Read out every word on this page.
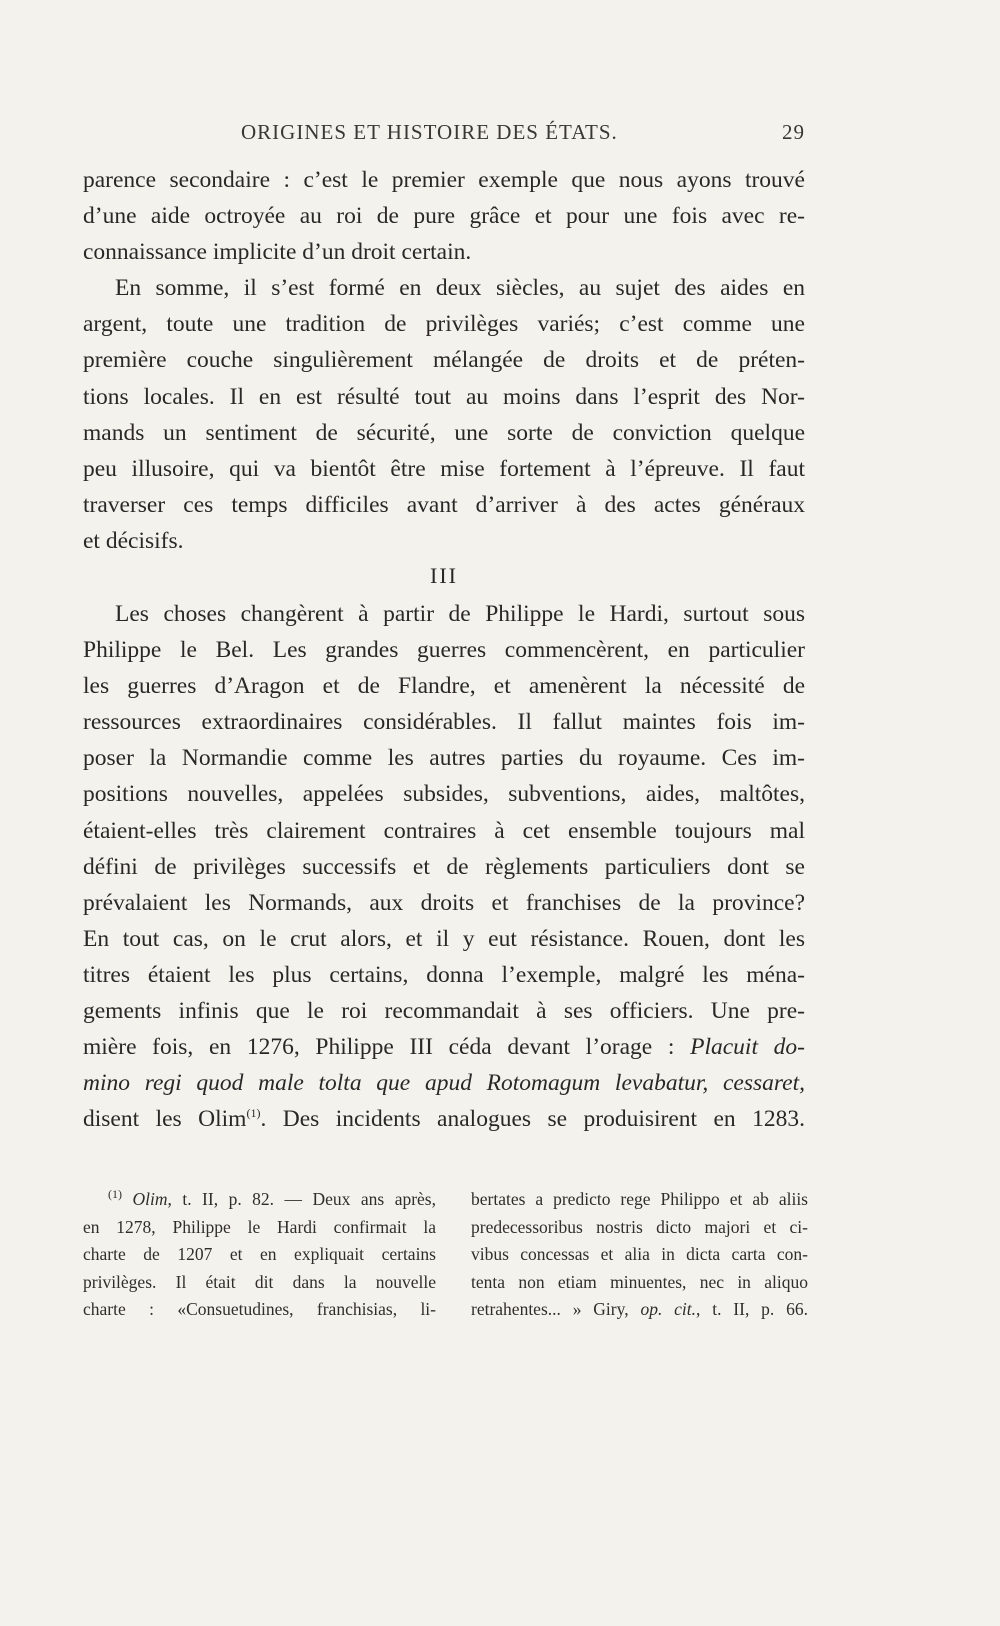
ORIGINES ET HISTOIRE DES ÉTATS.	29
parence secondaire : c’est le premier exemple que nous ayons trouvé
d’une aide octroyée au roi de pure grâce et pour une fois avec re-
connaissance implicite d’un droit certain.
En somme, il s’est formé en deux siècles, au sujet des aides en
argent, toute une tradition de privilèges variés; c’est comme une
première couche singulièrement mélangée de droits et de préten-
tions locales. Il en est résulté tout au moins dans l’esprit des Nor-
mands un sentiment de sécurité, une sorte de conviction quelque
peu illusoire, qui va bientôt être mise fortement à l’épreuve. Il faut
traverser ces temps difficiles avant d’arriver à des actes généraux
et décisifs.
III
Les choses changèrent à partir de Philippe le Hardi, surtout sous
Philippe le Bel. Les grandes guerres commencèrent, en particulier
les guerres d’Aragon et de Flandre, et amenèrent la nécessité de
ressources extraordinaires considérables. Il fallut maintes fois im-
poser la Normandie comme les autres parties du royaume. Ces im-
positions nouvelles, appelées subsides, subventions, aides, maltôtes,
étaient-elles très clairement contraires à cet ensemble toujours mal
défini de privilèges successifs et de règlements particuliers dont se
prévalaient les Normands, aux droits et franchises de la province?
En tout cas, on le crut alors, et il y eut résistance. Rouen, dont les
titres étaient les plus certains, donna l’exemple, malgré les ména-
gements infinis que le roi recommandait à ses officiers. Une pre-
mière fois, en 1276, Philippe III céda devant l’orage : Placuit do-
mino regi quod male tolta que apud Rotomagum levabatur, cessaret,
disent les Olim$^{(1)}$. Des incidents analogues se produisirent en 1283.
$^{(1)}$ Olim, t. II, p. 82. — Deux ans après,
en 1278, Philippe le Hardi confirmait la
charte de 1207 et en expliquait certains
privilèges. Il était dit dans la nouvelle
charte : «Consuetudines, franchisias, li-
bertates a predicto rege Philippo et ab aliis
predecessoribus nostris dicto majori et ci-
vibus concessas et alia in dicta carta con-
tenta non etiam minuentes, nec in aliquo
retrahentes... » Giry, op. cit., t. II, p. 66.
